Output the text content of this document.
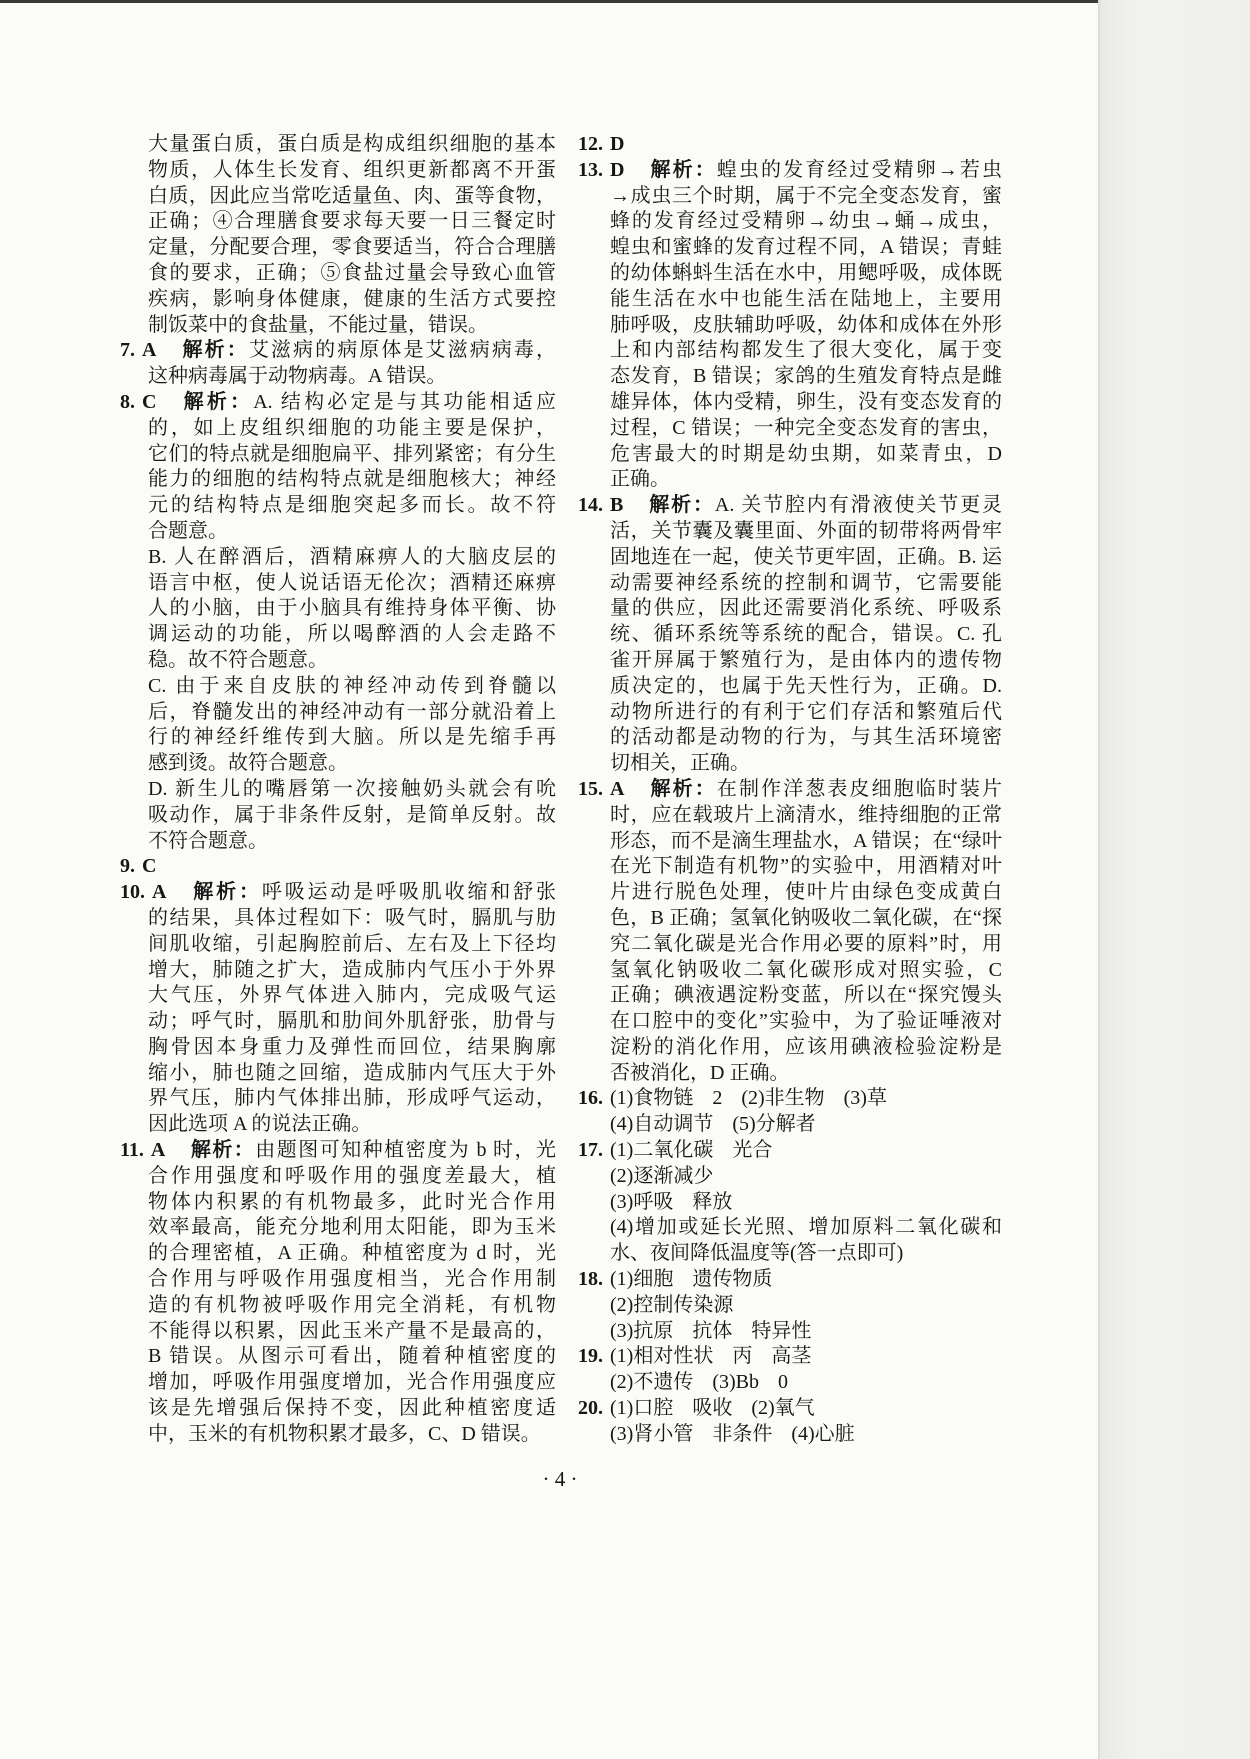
大量蛋白质，蛋白质是构成组织细胞的基本
物质，人体生长发育、组织更新都离不开蛋
白质，因此应当常吃适量鱼、肉、蛋等食物，
正确；④合理膳食要求每天要一日三餐定时
定量，分配要合理，零食要适当，符合合理膳
食的要求，正确；⑤食盐过量会导致心血管
疾病，影响身体健康，健康的生活方式要控
制饭菜中的食盐量，不能过量，错误。
7. A 解析：艾滋病的病原体是艾滋病病毒，
这种病毒属于动物病毒。A 错误。
8. C 解析：A. 结构必定是与其功能相适应
的，如上皮组织细胞的功能主要是保护，
它们的特点就是细胞扁平、排列紧密；有分生
能力的细胞的结构特点就是细胞核大；神经
元的结构特点是细胞突起多而长。故不符
合题意。
B. 人在醉酒后，酒精麻痹人的大脑皮层的
语言中枢，使人说话语无伦次；酒精还麻痹
人的小脑，由于小脑具有维持身体平衡、协
调运动的功能，所以喝醉酒的人会走路不
稳。故不符合题意。
C. 由于来自皮肤的神经冲动传到脊髓以
后，脊髓发出的神经冲动有一部分就沿着上
行的神经纤维传到大脑。所以是先缩手再
感到烫。故符合题意。
D. 新生儿的嘴唇第一次接触奶头就会有吮
吸动作，属于非条件反射，是简单反射。故
不符合题意。
9. C
10. A 解析：呼吸运动是呼吸肌收缩和舒张
的结果，具体过程如下：吸气时，膈肌与肋
间肌收缩，引起胸腔前后、左右及上下径均
增大，肺随之扩大，造成肺内气压小于外界
大气压，外界气体进入肺内，完成吸气运
动；呼气时，膈肌和肋间外肌舒张，肋骨与
胸骨因本身重力及弹性而回位，结果胸廓
缩小，肺也随之回缩，造成肺内气压大于外
界气压，肺内气体排出肺，形成呼气运动，
因此选项 A 的说法正确。
11. A 解析：由题图可知种植密度为 b 时，光
合作用强度和呼吸作用的强度差最大，植
物体内积累的有机物最多，此时光合作用
效率最高，能充分地利用太阳能，即为玉米
的合理密植，A 正确。种植密度为 d 时，光
合作用与呼吸作用强度相当，光合作用制
造的有机物被呼吸作用完全消耗，有机物
不能得以积累，因此玉米产量不是最高的，
B 错误。从图示可看出，随着种植密度的
增加，呼吸作用强度增加，光合作用强度应
该是先增强后保持不变，因此种植密度适
中，玉米的有机物积累才最多，C、D 错误。
12. D
13. D 解析：蝗虫的发育经过受精卵→若虫
→成虫三个时期，属于不完全变态发育，蜜
蜂的发育经过受精卵→幼虫→蛹→成虫，
蝗虫和蜜蜂的发育过程不同，A 错误；青蛙
的幼体蝌蚪生活在水中，用鳃呼吸，成体既
能生活在水中也能生活在陆地上，主要用
肺呼吸，皮肤辅助呼吸，幼体和成体在外形
上和内部结构都发生了很大变化，属于变
态发育，B 错误；家鸽的生殖发育特点是雌
雄异体，体内受精，卵生，没有变态发育的
过程，C 错误；一种完全变态发育的害虫，
危害最大的时期是幼虫期，如菜青虫，D
正确。
14. B 解析：A. 关节腔内有滑液使关节更灵
活，关节囊及囊里面、外面的韧带将两骨牢
固地连在一起，使关节更牢固，正确。B. 运
动需要神经系统的控制和调节，它需要能
量的供应，因此还需要消化系统、呼吸系
统、循环系统等系统的配合，错误。C. 孔
雀开屏属于繁殖行为，是由体内的遗传物
质决定的，也属于先天性行为，正确。D.
动物所进行的有利于它们存活和繁殖后代
的活动都是动物的行为，与其生活环境密
切相关，正确。
15. A 解析：在制作洋葱表皮细胞临时装片
时，应在载玻片上滴清水，维持细胞的正常
形态，而不是滴生理盐水，A 错误；在“绿叶
在光下制造有机物”的实验中，用酒精对叶
片进行脱色处理，使叶片由绿色变成黄白
色，B 正确；氢氧化钠吸收二氧化碳，在“探
究二氧化碳是光合作用必要的原料”时，用
氢氧化钠吸收二氧化碳形成对照实验，C
正确；碘液遇淀粉变蓝，所以在“探究馒头
在口腔中的变化”实验中，为了验证唾液对
淀粉的消化作用，应该用碘液检验淀粉是
否被消化，D 正确。
16. (1)食物链 2 (2)非生物 (3)草
(4)自动调节 (5)分解者
17. (1)二氧化碳 光合
(2)逐渐减少
(3)呼吸 释放
(4)增加或延长光照、增加原料二氧化碳和
水、夜间降低温度等(答一点即可)
18. (1)细胞 遗传物质
(2)控制传染源
(3)抗原 抗体 特异性
19. (1)相对性状 丙 高茎
(2)不遗传 (3)Bb 0
20. (1)口腔 吸收 (2)氧气
(3)肾小管 非条件 (4)心脏
· 4 ·
